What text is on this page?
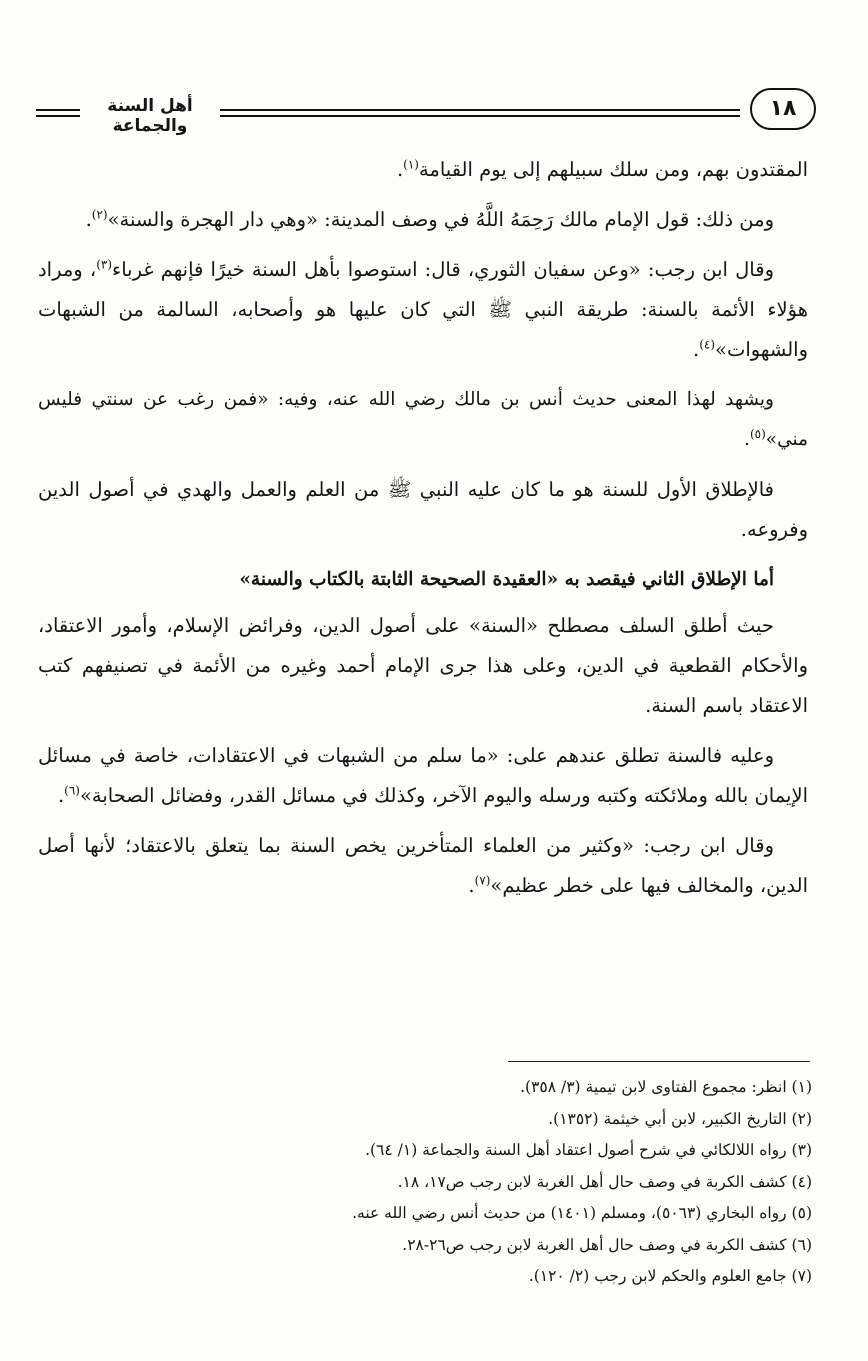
أهل السنة والجماعة
١٨

المقتدون بهم، ومن سلك سبيلهم إلى يوم القيامة$^{(١)}$.

ومن ذلك: قول الإمام مالك رَحِمَهُ اللَّهُ في وصف المدينة: «وهي دار الهجرة والسنة»$^{(٢)}$.

وقال ابن رجب: «وعن سفيان الثوري، قال: استوصوا بأهل السنة خيرًا فإنهم غرباء$^{(٣)}$، ومراد هؤلاء الأئمة بالسنة: طريقة النبي ﷺ التي كان عليها هو وأصحابه، السالمة من الشبهات والشهوات»$^{(٤)}$.

ويشهد لهذا المعنى حديث أنس بن مالك رضي الله عنه، وفيه: «فمن رغب عن سنتي فليس مني»$^{(٥)}$.

فالإطلاق الأول للسنة هو ما كان عليه النبي ﷺ من العلم والعمل والهدي في أصول الدين وفروعه.

أما الإطلاق الثاني فيقصد به «العقيدة الصحيحة الثابتة بالكتاب والسنة»

حيث أطلق السلف مصطلح «السنة» على أصول الدين، وفرائض الإسلام، وأمور الاعتقاد، والأحكام القطعية في الدين، وعلى هذا جرى الإمام أحمد وغيره من الأئمة في تصنيفهم كتب الاعتقاد باسم السنة.

وعليه فالسنة تطلق عندهم على: «ما سلم من الشبهات في الاعتقادات، خاصة في مسائل الإيمان بالله وملائكته وكتبه ورسله واليوم الآخر، وكذلك في مسائل القدر، وفضائل الصحابة»$^{(٦)}$.

وقال ابن رجب: «وكثير من العلماء المتأخرين يخص السنة بما يتعلق بالاعتقاد؛ لأنها أصل الدين، والمخالف فيها على خطر عظيم»$^{(٧)}$.

(١) انظر: مجموع الفتاوى لابن تيمية (٣/ ٣٥٨).
(٢) التاريخ الكبير، لابن أبي خيثمة (١٣٥٢).
(٣) رواه اللالكائي في شرح أصول اعتقاد أهل السنة والجماعة (١/ ٦٤).
(٤) كشف الكربة في وصف حال أهل الغربة لابن رجب ص١٧، ١٨.
(٥) رواه البخاري (٥٠٦٣)، ومسلم (١٤٠١) من حديث أنس رضي الله عنه.
(٦) كشف الكربة في وصف حال أهل الغربة لابن رجب ص٢٦-٢٨.
(٧) جامع العلوم والحكم لابن رجب (٢/ ١٢٠).
